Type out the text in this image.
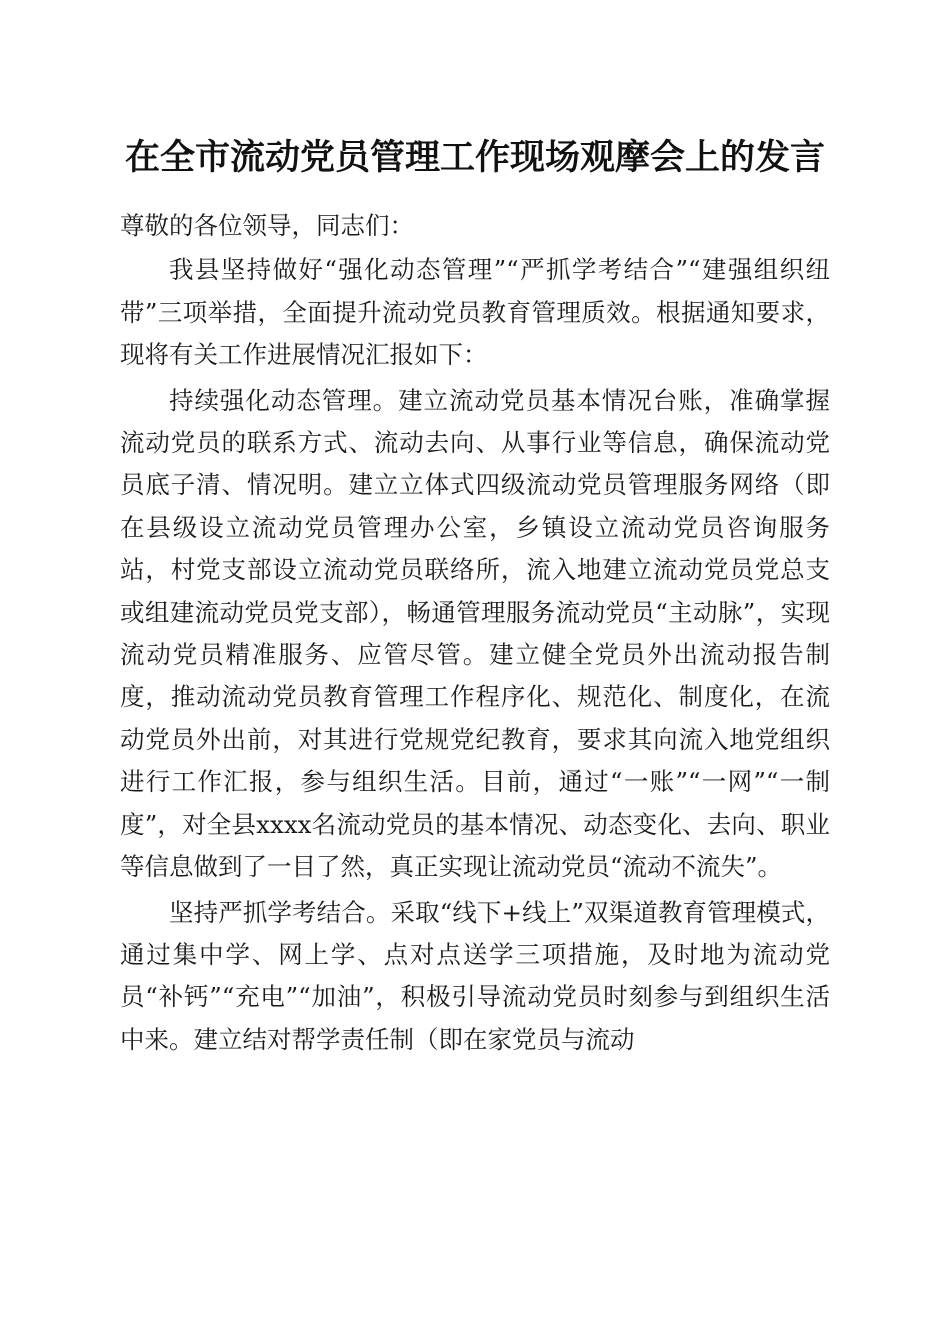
在全市流动党员管理工作现场观摩会上的发言

尊敬的各位领导，同志们：

我县坚持做好“强化动态管理”“严抓学考结合”“建强组织纽带”三项举措，全面提升流动党员教育管理质效。根据通知要求，现将有关工作进展情况汇报如下：

持续强化动态管理。建立流动党员基本情况台账，准确掌握流动党员的联系方式、流动去向、从事行业等信息，确保流动党员底子清、情况明。建立立体式四级流动党员管理服务网络（即在县级设立流动党员管理办公室，乡镇设立流动党员咨询服务站，村党支部设立流动党员联络所，流入地建立流动党员党总支或组建流动党员党支部），畅通管理服务流动党员“主动脉”，实现流动党员精准服务、应管尽管。建立健全党员外出流动报告制度，推动流动党员教育管理工作程序化、规范化、制度化，在流动党员外出前，对其进行党规党纪教育，要求其向流入地党组织进行工作汇报，参与组织生活。目前，通过“一账”“一网”“一制度”，对全县xxxx名流动党员的基本情况、动态变化、去向、职业等信息做到了一目了然，真正实现让流动党员“流动不流失”。

坚持严抓学考结合。采取“线下+线上”双渠道教育管理模式，通过集中学、网上学、点对点送学三项措施，及时地为流动党员“补钙”“充电”“加油”，积极引导流动党员时刻参与到组织生活中来。建立结对帮学责任制（即在家党员与流动
